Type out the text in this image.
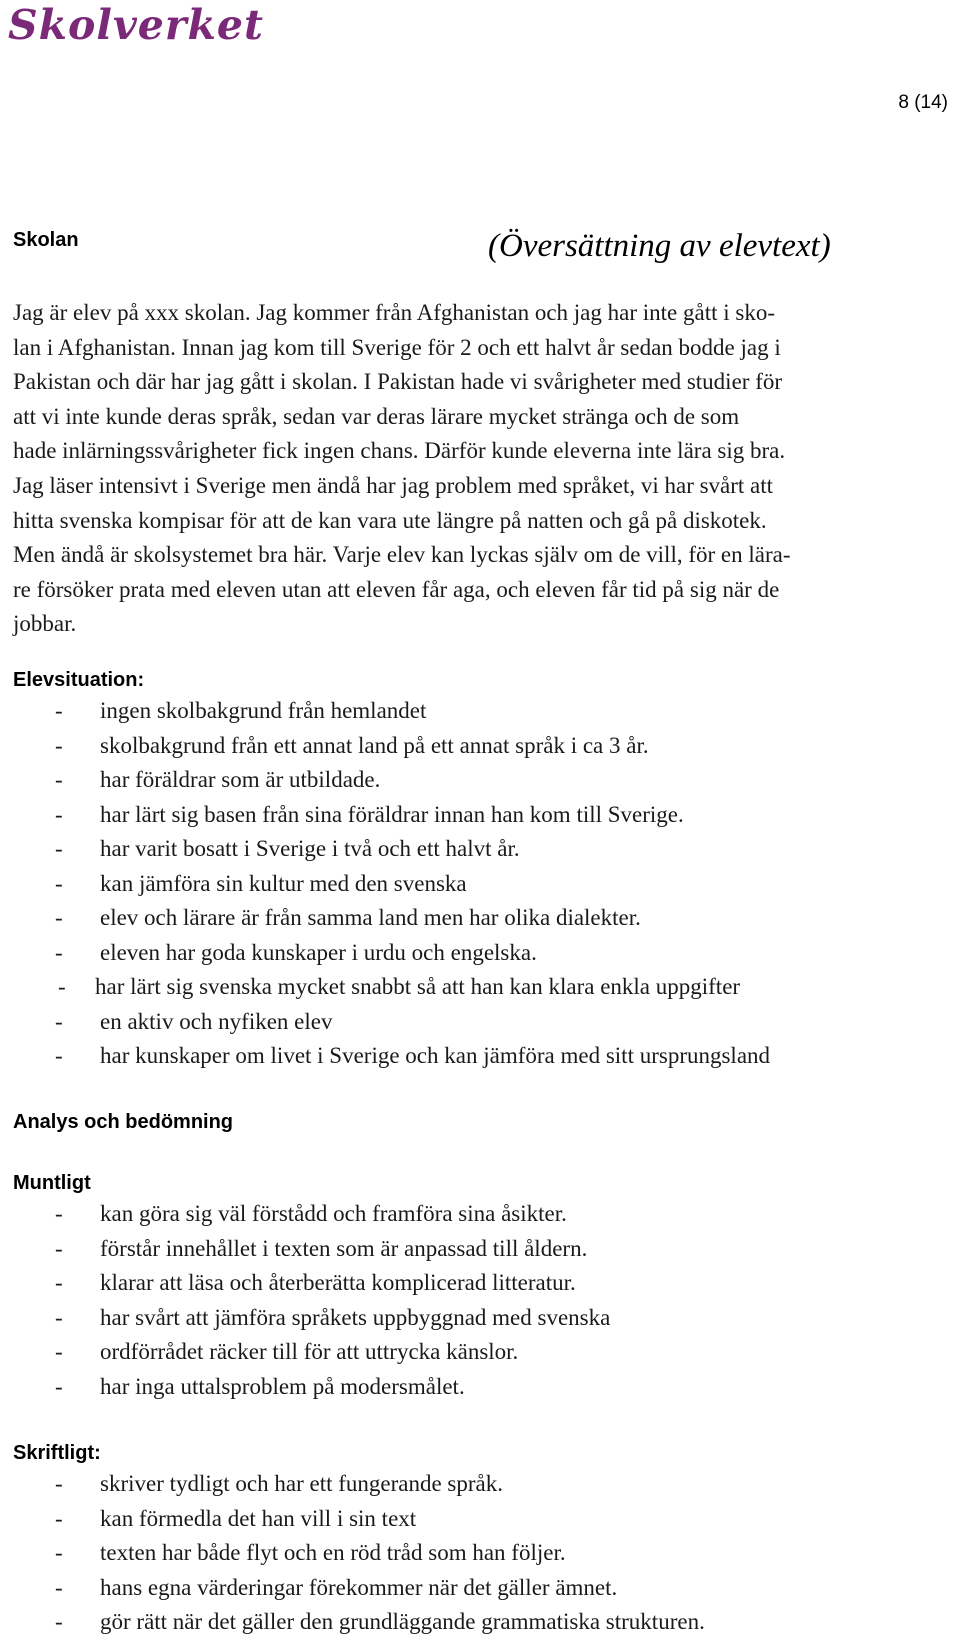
Skolverket
8 (14)
Skolan	(Översättning av elevtext)
Jag är elev på xxx skolan. Jag kommer från Afghanistan och jag har inte gått i sko-
lan i Afghanistan. Innan jag kom till Sverige för 2 och ett halvt år sedan bodde jag i
Pakistan och där har jag gått i skolan. I Pakistan hade vi svårigheter med studier för
att vi inte kunde deras språk, sedan var deras lärare mycket stränga och de som
hade inlärningssvårigheter fick ingen chans. Därför kunde eleverna inte lära sig bra.
Jag läser intensivt i Sverige men ändå har jag problem med språket, vi har svårt att
hitta svenska kompisar för att de kan vara ute längre på natten och gå på diskotek.
Men ändå är skolsystemet bra här. Varje elev kan lyckas själv om de vill, för en lära-
re försöker prata med eleven utan att eleven får aga, och eleven får tid på sig när de
jobbar.
Elevsituation:
- ingen skolbakgrund från hemlandet
- skolbakgrund från ett annat land på ett annat språk i ca 3 år.
- har föräldrar som är utbildade.
- har lärt sig basen från sina föräldrar innan han kom till Sverige.
- har varit bosatt i Sverige i två och ett halvt år.
- kan jämföra sin kultur med den svenska
- elev och lärare är från samma land men har olika dialekter.
- eleven har goda kunskaper i urdu och engelska.
- har lärt sig svenska mycket snabbt så att han kan klara enkla uppgifter
- en aktiv och nyfiken elev
- har kunskaper om livet i Sverige och kan jämföra med sitt ursprungsland
Analys och bedömning
Muntligt
- kan göra sig väl förstådd och framföra sina åsikter.
- förstår innehållet i texten som är anpassad till åldern.
- klarar att läsa och återberätta komplicerad litteratur.
- har svårt att jämföra språkets uppbyggnad med svenska
- ordförrådet räcker till för att uttrycka känslor.
- har inga uttalsproblem på modersmålet.
Skriftligt:
- skriver tydligt och har ett fungerande språk.
- kan förmedla det han vill i sin text
- texten har både flyt och en röd tråd som han följer.
- hans egna värderingar förekommer när det gäller ämnet.
- gör rätt när det gäller den grundläggande grammatiska strukturen.
